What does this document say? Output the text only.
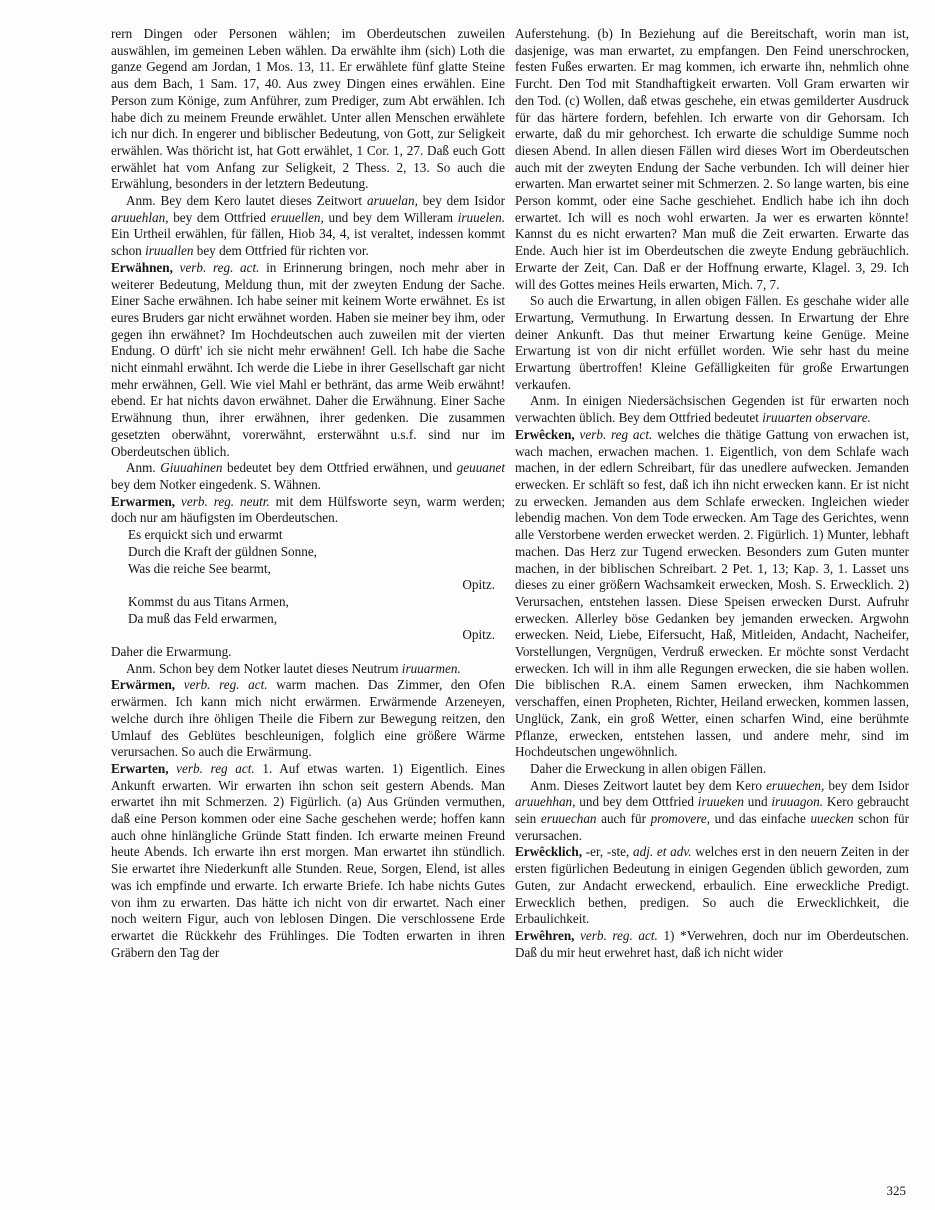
rern Dingen oder Personen wählen; im Oberdeutschen zuweilen auswählen, im gemeinen Leben wählen. Da erwählte ihm (sich) Loth die ganze Gegend am Jordan, 1 Mos. 13, 11. Er erwählete fünf glatte Steine aus dem Bach, 1 Sam. 17, 40. Aus zwey Dingen eines erwählen. Eine Person zum Könige, zum Anführer, zum Prediger, zum Abt erwählen. Ich habe dich zu meinem Freunde erwählet. Unter allen Menschen erwählete ich nur dich. In engerer und biblischer Bedeutung, von Gott, zur Seligkeit erwählen. Was thöricht ist, hat Gott erwählet, 1 Cor. 1, 27. Daß euch Gott erwählet hat vom Anfang zur Seligkeit, 2 Thess. 2, 13. So auch die Erwählung, besonders in der letztern Bedeutung.
Anm. Bey dem Kero lautet dieses Zeitwort aruuelan, bey dem Isidor aruuehlan, bey dem Ottfried eruuellen, und bey dem Willeram iruuelen. Ein Urtheil erwählen, für fällen, Hiob 34, 4, ist veraltet, indessen kommt schon iruuallen bey dem Ottfried für richten vor.
Erwähnen, verb. reg. act. in Erinnerung bringen, noch mehr aber in weiterer Bedeutung, Meldung thun, mit der zweyten Endung der Sache. Einer Sache erwähnen. Ich habe seiner mit keinem Worte erwähnet. Es ist eures Bruders gar nicht erwähnet worden. Haben sie meiner bey ihm, oder gegen ihn erwähnet? Im Hochdeutschen auch zuweilen mit der vierten Endung. O dürft' ich sie nicht mehr erwähnen! Gell. Ich habe die Sache nicht einmahl erwähnt. Ich werde die Liebe in ihrer Gesellschaft gar nicht mehr erwähnen, Gell. Wie viel Mahl er bethränt, das arme Weib erwähnt! ebend. Er hat nichts davon erwähnet. Daher die Erwähnung. Einer Sache Erwähnung thun, ihrer erwähnen, ihrer gedenken. Die zusammen gesetzten oberwähnt, vorerwähnt, ersterwähnt u.s.f. sind nur im Oberdeutschen üblich.
Anm. Giuuahinen bedeutet bey dem Ottfried erwähnen, und geuuanet bey dem Notker eingedenk. S. Wähnen.
Erwarmen, verb. reg. neutr. mit dem Hülfsworte seyn, warm werden; doch nur am häufigsten im Oberdeutschen.
Es erquickt sich und erwarmt
Durch die Kraft der güldnen Sonne,
Was die reiche See bearmt,
Opitz.
Kommst du aus Titans Armen,
Da muß das Feld erwarmen,
Opitz.
Daher die Erwarmung.
Anm. Schon bey dem Notker lautet dieses Neutrum iruuarmen.
Erwärmen, verb. reg. act. warm machen. Das Zimmer, den Ofen erwärmen. Ich kann mich nicht erwärmen. Erwärmende Arzeneyen, welche durch ihre öhligen Theile die Fibern zur Bewegung reitzen, den Umlauf des Geblütes beschleunigen, folglich eine größere Wärme verursachen. So auch die Erwärmung.
Erwarten, verb. reg act. 1. Auf etwas warten. 1) Eigentlich. Eines Ankunft erwarten. Wir erwarten ihn schon seit gestern Abends. Man erwartet ihn mit Schmerzen. 2) Figürlich. (a) Aus Gründen vermuthen, daß eine Person kommen oder eine Sache geschehen werde; hoffen kann auch ohne hinlängliche Gründe Statt finden. Ich erwarte meinen Freund heute Abends. Ich erwarte ihn erst morgen. Man erwartet ihn stündlich. Sie erwartet ihre Niederkunft alle Stunden. Reue, Sorgen, Elend, ist alles was ich empfinde und erwarte. Ich erwarte Briefe. Ich habe nichts Gutes von ihm zu erwarten. Das hätte ich nicht von dir erwartet. Nach einer noch weitern Figur, auch von leblosen Dingen. Die verschlossene Erde erwartet die Rückkehr des Frühlinges. Die Todten erwarten in ihren Gräbern den Tag der
Auferstehung. (b) In Beziehung auf die Bereitschaft, worin man ist, dasjenige, was man erwartet, zu empfangen. Den Feind unerschrocken, festen Fußes erwarten. Er mag kommen, ich erwarte ihn, nehmlich ohne Furcht. Den Tod mit Standhaftigkeit erwarten. Voll Gram erwarten wir den Tod. (c) Wollen, daß etwas geschehe, ein etwas gemilderter Ausdruck für das härtere fordern, befehlen. Ich erwarte von dir Gehorsam. Ich erwarte, daß du mir gehorchest. Ich erwarte die schuldige Summe noch diesen Abend. In allen diesen Fällen wird dieses Wort im Oberdeutschen auch mit der zweyten Endung der Sache verbunden. Ich will deiner hier erwarten. Man erwartet seiner mit Schmerzen. 2. So lange warten, bis eine Person kommt, oder eine Sache geschiehet. Endlich habe ich ihn doch erwartet. Ich will es noch wohl erwarten. Ja wer es erwarten könnte! Kannst du es nicht erwarten? Man muß die Zeit erwarten. Erwarte das Ende. Auch hier ist im Oberdeutschen die zweyte Endung gebräuchlich. Erwarte der Zeit, Can. Daß er der Hoffnung erwarte, Klagel. 3, 29. Ich will des Gottes meines Heils erwarten, Mich. 7, 7.
So auch die Erwartung, in allen obigen Fällen. Es geschahe wider alle Erwartung, Vermuthung. In Erwartung dessen. In Erwartung der Ehre deiner Ankunft. Das thut meiner Erwartung keine Genüge. Meine Erwartung ist von dir nicht erfüllet worden. Wie sehr hast du meine Erwartung übertroffen! Kleine Gefälligkeiten für große Erwartungen verkaufen.
Anm. In einigen Niedersächsischen Gegenden ist für erwarten noch verwachten üblich. Bey dem Ottfried bedeutet iruuarten observare.
Erwêcken, verb. reg act. welches die thätige Gattung von erwachen ist, wach machen, erwachen machen. 1. Eigentlich, von dem Schlafe wach machen, in der edlern Schreibart, für das unedlere aufwecken. Jemanden erwecken. Er schläft so fest, daß ich ihn nicht erwecken kann. Er ist nicht zu erwecken. Jemanden aus dem Schlafe erwecken. Ingleichen wieder lebendig machen. Von dem Tode erwecken. Am Tage des Gerichtes, wenn alle Verstorbene werden erwecket werden. 2. Figürlich. 1) Munter, lebhaft machen. Das Herz zur Tugend erwecken. Besonders zum Guten munter machen, in der biblischen Schreibart. 2 Pet. 1, 13; Kap. 3, 1. Lasset uns dieses zu einer größern Wachsamkeit erwecken, Mosh. S. Erwecklich. 2) Verursachen, entstehen lassen. Diese Speisen erwecken Durst. Aufruhr erwecken. Allerley böse Gedanken bey jemanden erwecken. Argwohn erwecken. Neid, Liebe, Eifersucht, Haß, Mitleiden, Andacht, Nacheifer, Vorstellungen, Vergnügen, Verdruß erwecken. Er möchte sonst Verdacht erwecken. Ich will in ihm alle Regungen erwecken, die sie haben wollen. Die biblischen R.A. einem Samen erwecken, ihm Nachkommen verschaffen, einen Propheten, Richter, Heiland erwecken, kommen lassen, Unglück, Zank, ein groß Wetter, einen scharfen Wind, eine berühmte Pflanze, erwecken, entstehen lassen, und andere mehr, sind im Hochdeutschen ungewöhnlich.
Daher die Erweckung in allen obigen Fällen.
Anm. Dieses Zeitwort lautet bey dem Kero eruuechen, bey dem Isidor aruuehhan, und bey dem Ottfried iruueken und iruuagon. Kero gebraucht sein eruuechan auch für promovere, und das einfache uuecken schon für verursachen.
Erwêcklich, -er, -ste, adj. et adv. welches erst in den neuern Zeiten in der ersten figürlichen Bedeutung in einigen Gegenden üblich geworden, zum Guten, zur Andacht erweckend, erbaulich. Eine erweckliche Predigt. Erwecklich bethen, predigen. So auch die Erwecklichkeit, die Erbaulichkeit.
Erwêhren, verb. reg. act. 1) *Verwehren, doch nur im Oberdeutschen. Daß du mir heut erwehret hast, daß ich nicht wider
325
